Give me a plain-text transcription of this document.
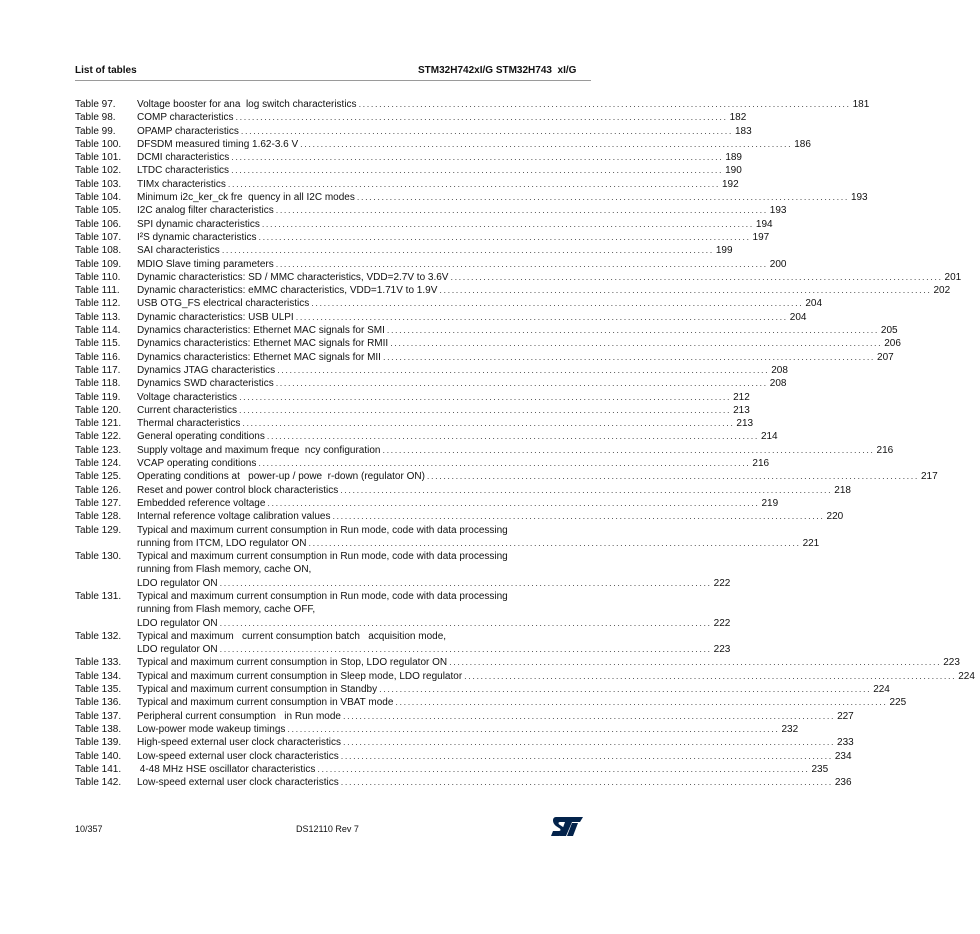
List of tables	STM32H742xI/G STM32H743  xI/G
Table 97.	Voltage booster for ana  log switch characteristics ........................................................................................................................ 181
Table 98.	COMP characteristics ........................................................................................................................ 182
Table 99.	OPAMP characteristics ........................................................................................................................ 183
Table 100.	DFSDM measured timing 1.62-3.6 V ........................................................................................................................ 186
Table 101.	DCMI characteristics ........................................................................................................................ 189
Table 102.	LTDC characteristics ........................................................................................................................ 190
Table 103.	TIMx characteristics ........................................................................................................................ 192
Table 104.	Minimum i2c_ker_ck fre  quency in all I2C modes ........................................................................................................................ 193
Table 105.	I2C analog filter characteristics ........................................................................................................................ 193
Table 106.	SPI dynamic characteristics ........................................................................................................................ 194
Table 107.	I²S dynamic characteristics ........................................................................................................................ 197
Table 108.	SAI characteristics ........................................................................................................................ 199
Table 109.	MDIO Slave timing parameters ........................................................................................................................ 200
Table 110.	Dynamic characteristics: SD / MMC characteristics, VDD=2.7V to 3.6V ........................................................................................................................ 201
Table 111.	Dynamic characteristics: eMMC characteristics, VDD=1.71V to 1.9V ........................................................................................................................ 202
Table 112.	USB OTG_FS electrical characteristics ........................................................................................................................ 204
Table 113.	Dynamic characteristics: USB ULPI ........................................................................................................................ 204
Table 114.	Dynamics characteristics: Ethernet MAC signals for SMI ........................................................................................................................ 205
Table 115.	Dynamics characteristics: Ethernet MAC signals for RMII ........................................................................................................................ 206
Table 116.	Dynamics characteristics: Ethernet MAC signals for MII ........................................................................................................................ 207
Table 117.	Dynamics JTAG characteristics ........................................................................................................................ 208
Table 118.	Dynamics SWD characteristics ........................................................................................................................ 208
Table 119.	Voltage characteristics ........................................................................................................................ 212
Table 120.	Current characteristics ........................................................................................................................ 213
Table 121.	Thermal characteristics ........................................................................................................................ 213
Table 122.	General operating conditions ........................................................................................................................ 214
Table 123.	Supply voltage and maximum freque  ncy configuration ........................................................................................................................ 216
Table 124.	VCAP operating conditions ........................................................................................................................ 216
Table 125.	Operating conditions at   power-up / powe  r-down (regulator ON) ........................................................................................................................ 217
Table 126.	Reset and power control block characteristics ........................................................................................................................ 218
Table 127.	Embedded reference voltage ........................................................................................................................ 219
Table 128.	Internal reference voltage calibration values ........................................................................................................................ 220
Table 129.	Typical and maximum current consumption in Run mode, code with data processing
running from ITCM, LDO regulator ON ........................................................................................................................ 221
Table 130.	Typical and maximum current consumption in Run mode, code with data processing
running from Flash memory, cache ON,
LDO regulator ON ........................................................................................................................ 222
Table 131.	Typical and maximum current consumption in Run mode, code with data processing
running from Flash memory, cache OFF,
LDO regulator ON ........................................................................................................................ 222
Table 132.	Typical and maximum   current consumption batch   acquisition mode,
LDO regulator ON ........................................................................................................................ 223
Table 133.	Typical and maximum current consumption in Stop, LDO regulator ON ........................................................................................................................ 223
Table 134.	Typical and maximum current consumption in Sleep mode, LDO regulator ........................................................................................................................ 224
Table 135.	Typical and maximum current consumption in Standby ........................................................................................................................ 224
Table 136.	Typical and maximum current consumption in VBAT mode ........................................................................................................................ 225
Table 137.	Peripheral current consumption   in Run mode ........................................................................................................................ 227
Table 138.	Low-power mode wakeup timings ........................................................................................................................ 232
Table 139.	High-speed external user clock characteristics ........................................................................................................................ 233
Table 140.	Low-speed external user clock characteristics ........................................................................................................................ 234
Table 141.	4-48 MHz HSE oscillator characteristics ........................................................................................................................ 235
Table 142.	Low-speed external user clock characteristics ........................................................................................................................ 236
10/357	DS12110 Rev 7
